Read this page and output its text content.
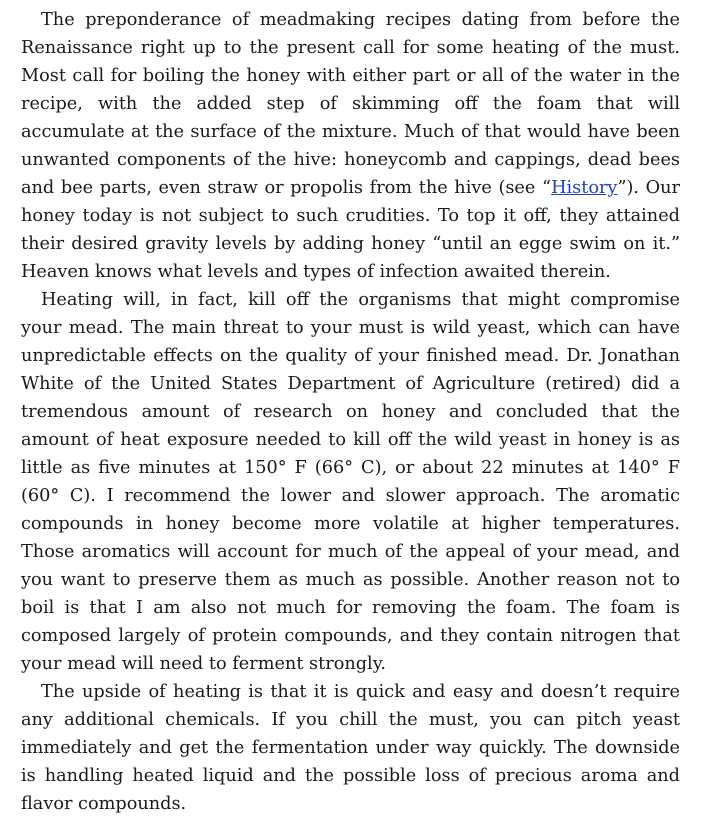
The preponderance of meadmaking recipes dating from before the Renaissance right up to the present call for some heating of the must. Most call for boiling the honey with either part or all of the water in the recipe, with the added step of skimming off the foam that will accumulate at the surface of the mixture. Much of that would have been unwanted components of the hive: honeycomb and cappings, dead bees and bee parts, even straw or propolis from the hive (see “History”). Our honey today is not subject to such crudities. To top it off, they attained their desired gravity levels by adding honey “until an egge swim on it.” Heaven knows what levels and types of infection awaited therein.

Heating will, in fact, kill off the organisms that might compromise your mead. The main threat to your must is wild yeast, which can have unpredictable effects on the quality of your finished mead. Dr. Jonathan White of the United States Department of Agriculture (retired) did a tremendous amount of research on honey and concluded that the amount of heat exposure needed to kill off the wild yeast in honey is as little as five minutes at 150° F (66° C), or about 22 minutes at 140° F (60° C). I recommend the lower and slower approach. The aromatic compounds in honey become more volatile at higher temperatures. Those aromatics will account for much of the appeal of your mead, and you want to preserve them as much as possible. Another reason not to boil is that I am also not much for removing the foam. The foam is composed largely of protein compounds, and they contain nitrogen that your mead will need to ferment strongly.

The upside of heating is that it is quick and easy and doesn’t require any additional chemicals. If you chill the must, you can pitch yeast immediately and get the fermentation under way quickly. The downside is handling heated liquid and the possible loss of precious aroma and flavor compounds.
